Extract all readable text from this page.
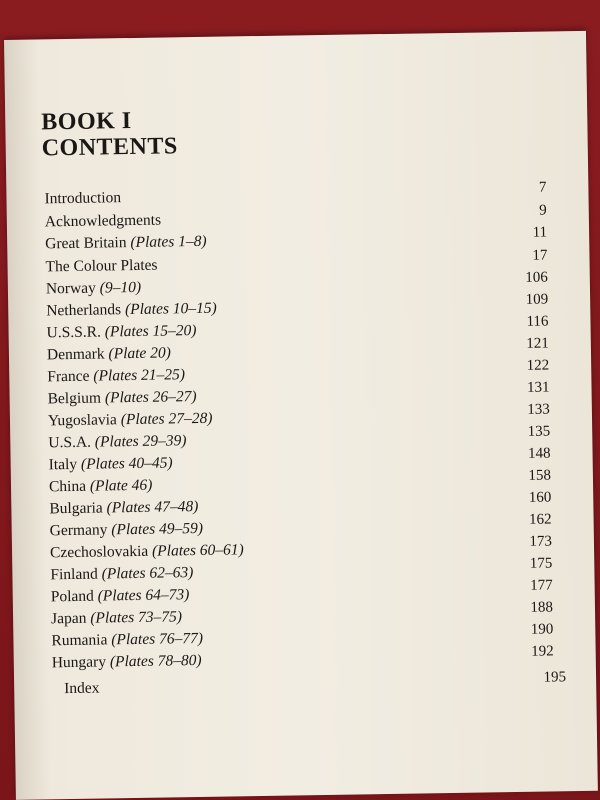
BOOK I
CONTENTS
Introduction
7
Acknowledgments
9
Great Britain (Plates 1–8)
11
The Colour Plates
17
Norway (9–10)
106
Netherlands (Plates 10–15)
109
U.S.S.R. (Plates 15–20)
116
Denmark (Plate 20)
121
France (Plates 21–25)
122
Belgium (Plates 26–27)
131
Yugoslavia (Plates 27–28)
133
U.S.A. (Plates 29–39)
135
Italy (Plates 40–45)
148
China (Plate 46)
158
Bulgaria (Plates 47–48)
160
Germany (Plates 49–59)
162
Czechoslovakia (Plates 60–61)	173
Finland (Plates 62–63)
175
Poland (Plates 64–73)
177
Japan (Plates 73–75)
188
Rumania (Plates 76–77)
190
Hungary (Plates 78–80)
192
Index
195
